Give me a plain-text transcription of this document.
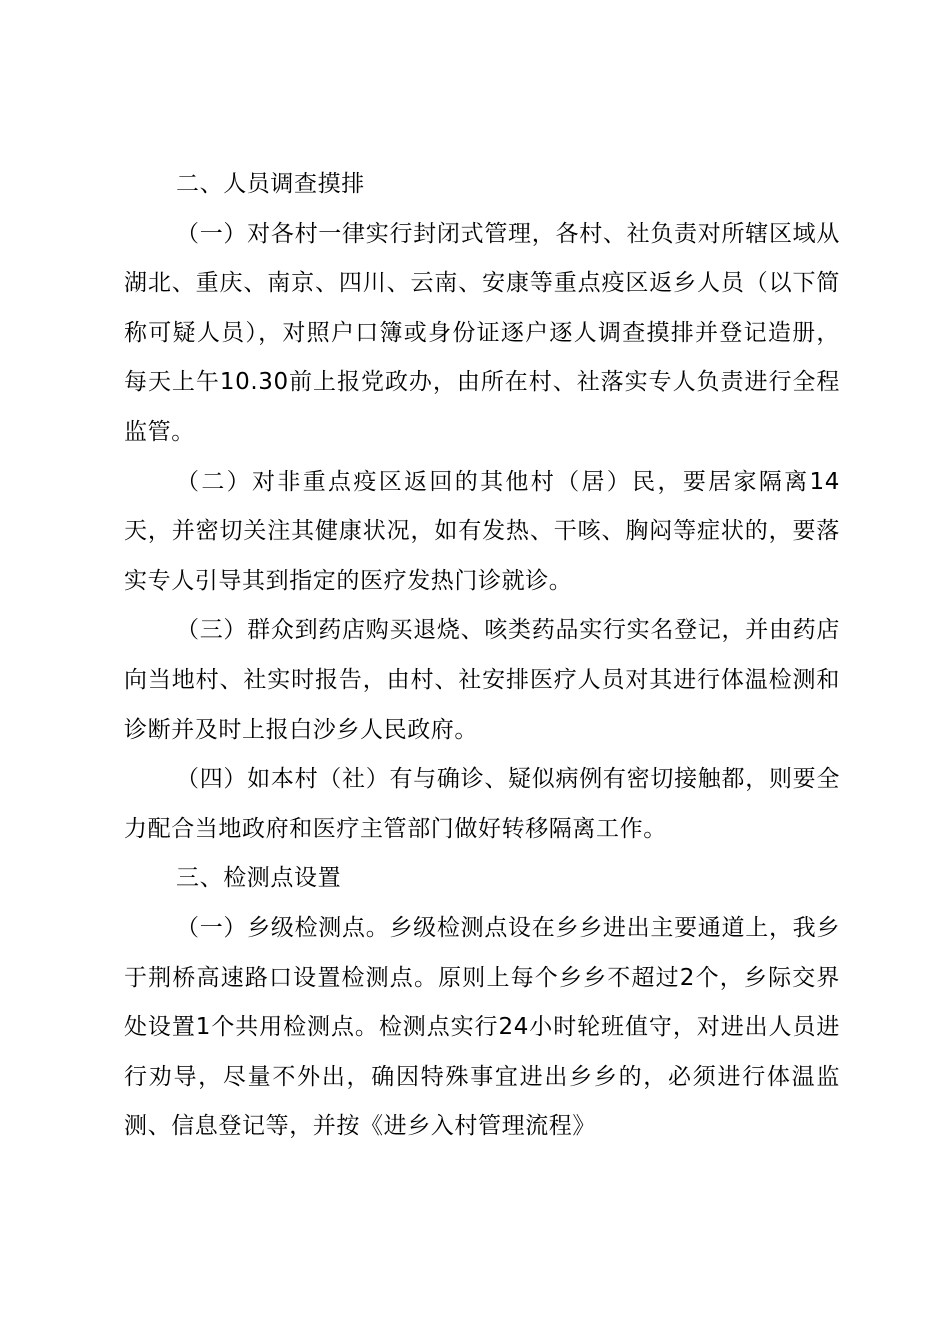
二、人员调查摸排

（一）对各村一律实行封闭式管理，各村、社负责对所辖区域从湖北、重庆、南京、四川、云南、安康等重点疫区返乡人员（以下简称可疑人员），对照户口簿或身份证逐户逐人调查摸排并登记造册，每天上午10.30前上报党政办，由所在村、社落实专人负责进行全程监管。

（二）对非重点疫区返回的其他村（居）民，要居家隔离14天，并密切关注其健康状况，如有发热、干咳、胸闷等症状的，要落实专人引导其到指定的医疗发热门诊就诊。

（三）群众到药店购买退烧、咳类药品实行实名登记，并由药店向当地村、社实时报告，由村、社安排医疗人员对其进行体温检测和诊断并及时上报白沙乡人民政府。

（四）如本村（社）有与确诊、疑似病例有密切接触都，则要全力配合当地政府和医疗主管部门做好转移隔离工作。

三、检测点设置

（一）乡级检测点。乡级检测点设在乡乡进出主要通道上，我乡于荆桥高速路口设置检测点。原则上每个乡乡不超过2个，乡际交界处设置1个共用检测点。检测点实行24小时轮班值守，对进出人员进行劝导，尽量不外出，确因特殊事宜进出乡乡的，必须进行体温监测、信息登记等，并按《进乡入村管理流程》
